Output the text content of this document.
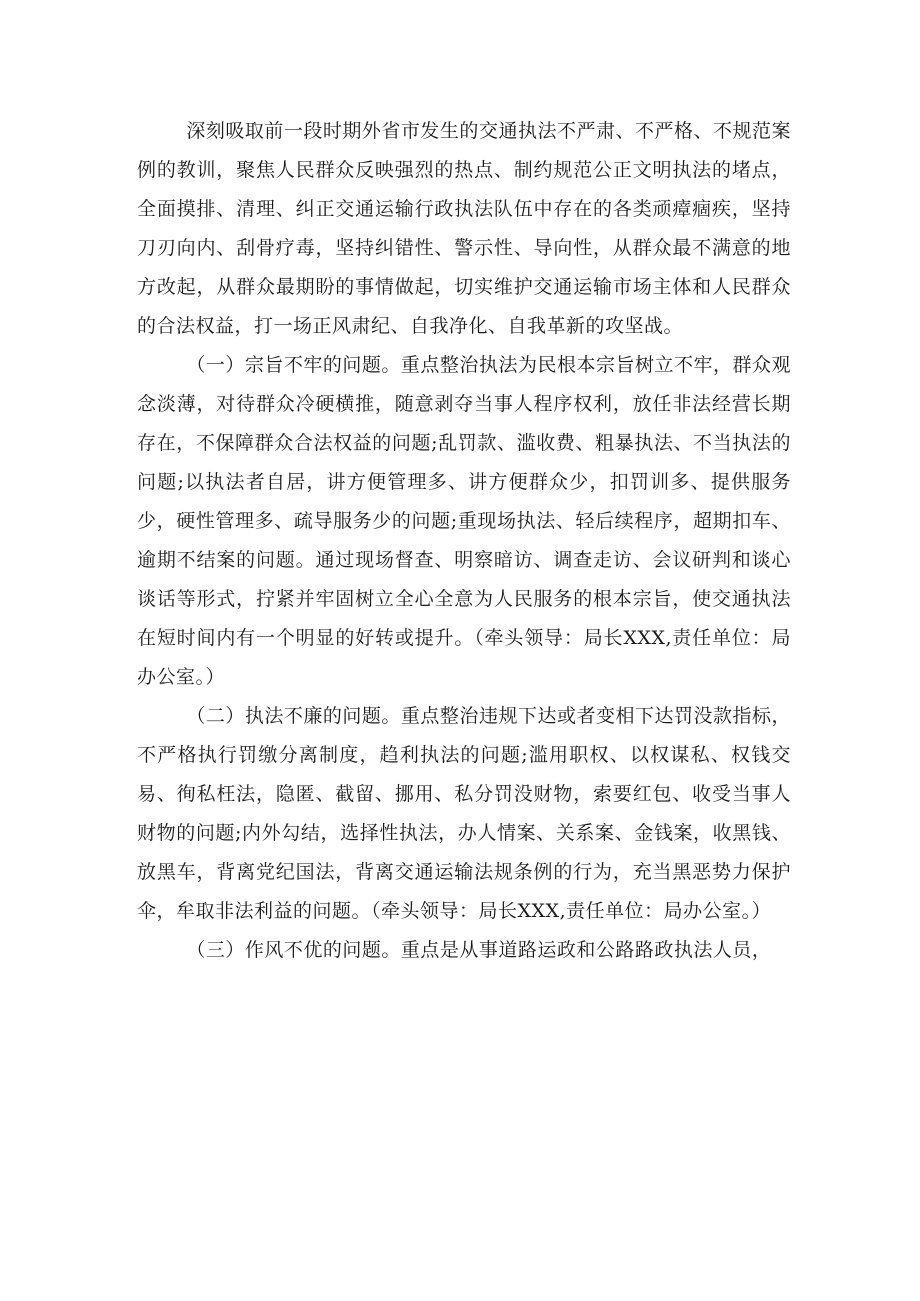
深刻吸取前一段时期外省市发生的交通执法不严肃、不严格、不规范案例的教训，聚焦人民群众反映强烈的热点、制约规范公正文明执法的堵点，全面摸排、清理、纠正交通运输行政执法队伍中存在的各类顽瘴痼疾，坚持刀刃向内、刮骨疗毒，坚持纠错性、警示性、导向性，从群众最不满意的地方改起，从群众最期盼的事情做起，切实维护交通运输市场主体和人民群众的合法权益，打一场正风肃纪、自我净化、自我革新的攻坚战。

（一）宗旨不牢的问题。重点整治执法为民根本宗旨树立不牢，群众观念淡薄，对待群众冷硬横推，随意剥夺当事人程序权利，放任非法经营长期存在，不保障群众合法权益的问题;乱罚款、滥收费、粗暴执法、不当执法的问题;以执法者自居，讲方便管理多、讲方便群众少，扣罚训多、提供服务少，硬性管理多、疏导服务少的问题;重现场执法、轻后续程序，超期扣车、逾期不结案的问题。通过现场督查、明察暗访、调查走访、会议研判和谈心谈话等形式，拧紧并牢固树立全心全意为人民服务的根本宗旨，使交通执法在短时间内有一个明显的好转或提升。（牵头领导：局长XXX,责任单位：局办公室。）

（二）执法不廉的问题。重点整治违规下达或者变相下达罚没款指标，不严格执行罚缴分离制度，趋利执法的问题;滥用职权、以权谋私、权钱交易、徇私枉法，隐匿、截留、挪用、私分罚没财物，索要红包、收受当事人财物的问题;内外勾结，选择性执法，办人情案、关系案、金钱案，收黑钱、放黑车，背离党纪国法，背离交通运输法规条例的行为，充当黑恶势力保护伞，牟取非法利益的问题。（牵头领导：局长XXX,责任单位：局办公室。）

（三）作风不优的问题。重点是从事道路运政和公路路政执法人员，
